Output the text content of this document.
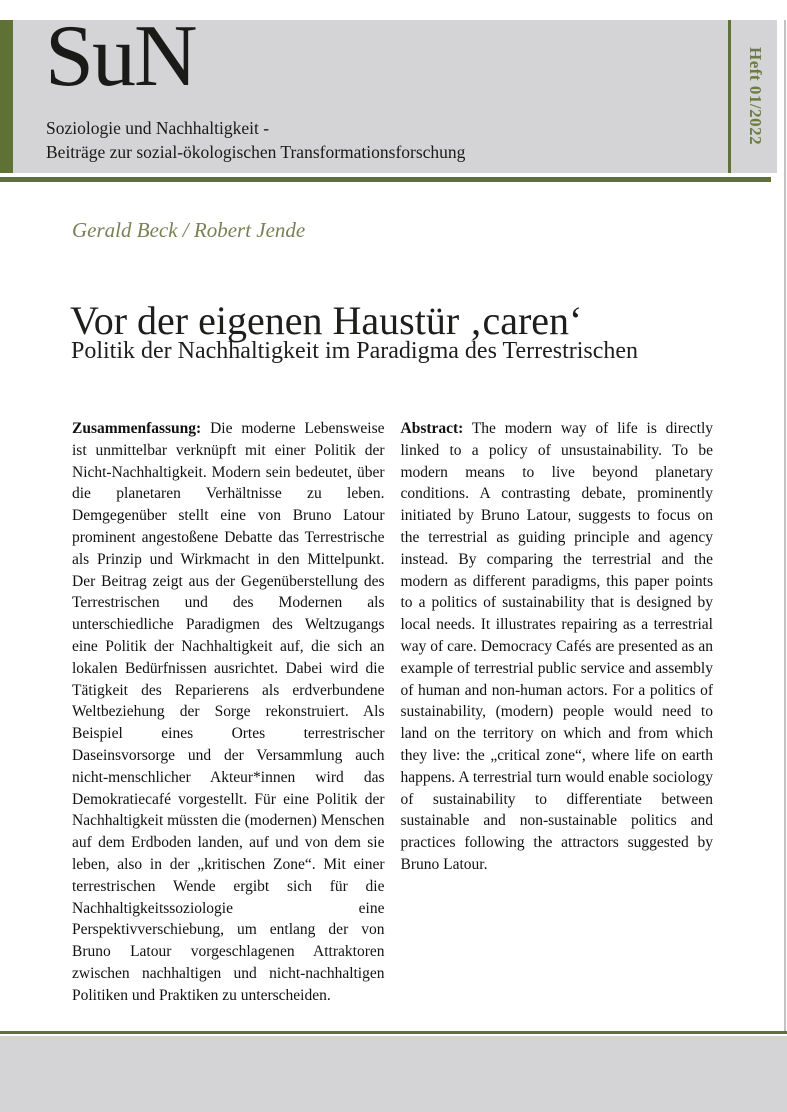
SuN
Soziologie und Nachhaltigkeit -
Beiträge zur sozial-ökologischen Transformationsforschung
Heft 01/2022
Gerald Beck / Robert Jende
Vor der eigenen Haustür ‚caren‘
Politik der Nachhaltigkeit im Paradigma des Terrestrischen

Zusammenfassung: Die moderne Lebensweise ist unmittelbar verknüpft mit einer Politik der Nicht-Nachhaltigkeit. Modern sein bedeutet, über die planetaren Verhältnisse zu leben. Demgegenüber stellt eine von Bruno Latour prominent angestoßene Debatte das Terrestrische als Prinzip und Wirkmacht in den Mittelpunkt. Der Beitrag zeigt aus der Gegenüberstellung des Terrestrischen und des Modernen als unterschiedliche Paradigmen des Weltzugangs eine Politik der Nachhaltigkeit auf, die sich an lokalen Bedürfnissen ausrichtet. Dabei wird die Tätigkeit des Reparierens als erdverbundene Weltbeziehung der Sorge rekonstruiert. Als Beispiel eines Ortes terrestrischer Daseinsvorsorge und der Versammlung auch nicht-menschlicher Akteur*innen wird das Demokratiecafé vorgestellt. Für eine Politik der Nachhaltigkeit müssten die (modernen) Menschen auf dem Erdboden landen, auf und von dem sie leben, also in der „kritischen Zone“. Mit einer terrestrischen Wende ergibt sich für die Nachhaltigkeitssoziologie eine Perspektivverschiebung, um entlang der von Bruno Latour vorgeschlagenen Attraktoren zwischen nachhaltigen und nicht-nachhaltigen Politiken und Praktiken zu unterscheiden.

Abstract: The modern way of life is directly linked to a policy of unsustainability. To be modern means to live beyond planetary conditions. A contrasting debate, prominently initiated by Bruno Latour, suggests to focus on the terrestrial as guiding principle and agency instead. By comparing the terrestrial and the modern as different paradigms, this paper points to a politics of sustainability that is designed by local needs. It illustrates repairing as a terrestrial way of care. Democracy Cafés are presented as an example of terrestrial public service and assembly of human and non-human actors. For a politics of sustainability, (modern) people would need to land on the territory on which and from which they live: the „critical zone“, where life on earth happens. A terrestrial turn would enable sociology of sustainability to differentiate between sustainable and non-sustainable politics and practices following the attractors suggested by Bruno Latour.
